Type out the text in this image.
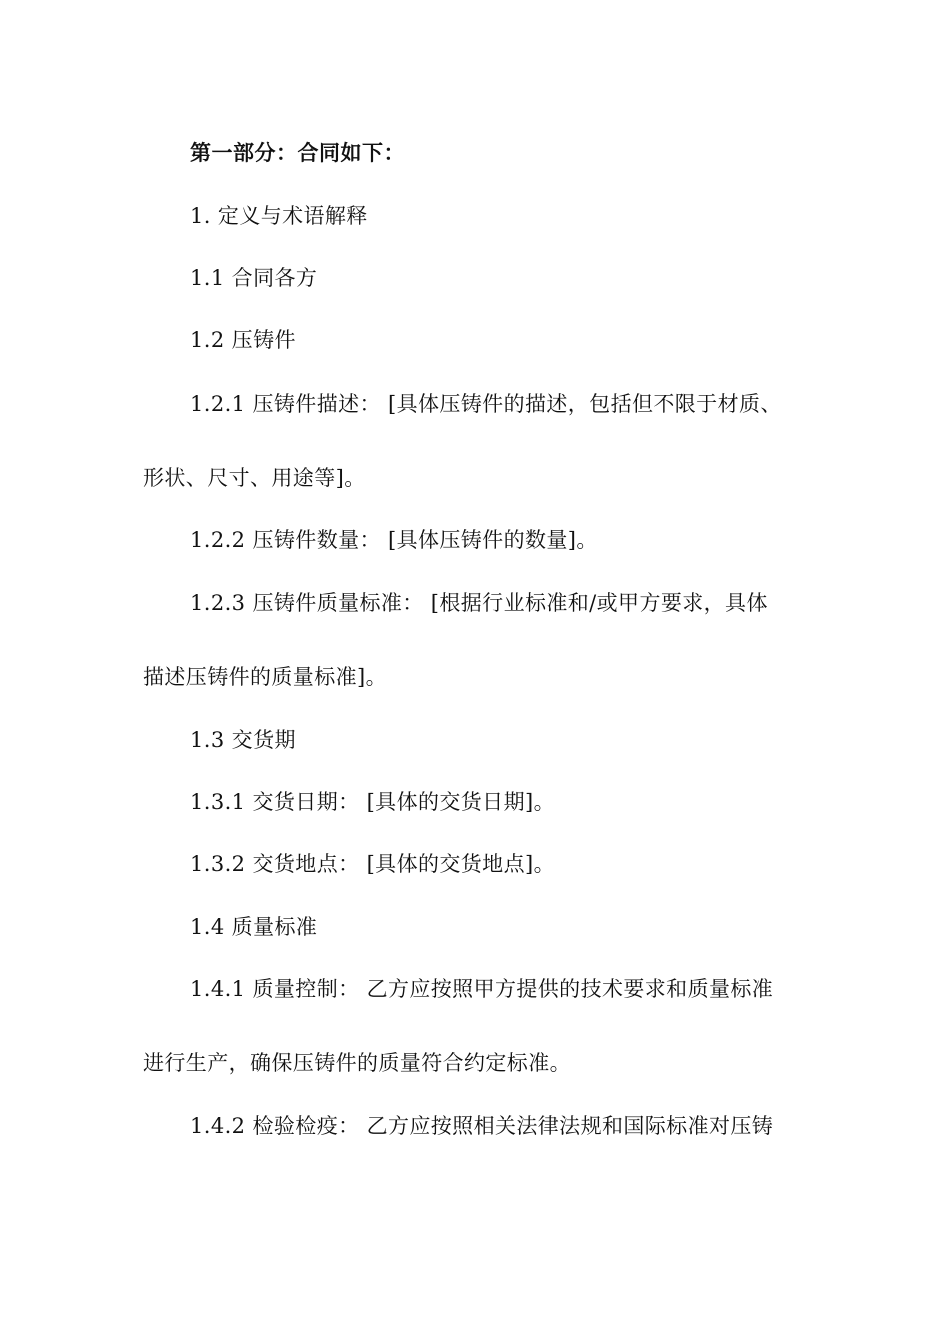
第一部分：合同如下：
1. 定义与术语解释
1.1 合同各方
1.2 压铸件
1.2.1 压铸件描述： [具体压铸件的描述，包括但不限于材质、
形状、尺寸、用途等]。
1.2.2 压铸件数量： [具体压铸件的数量]。
1.2.3 压铸件质量标准： [根据行业标准和/或甲方要求，具体
描述压铸件的质量标准]。
1.3 交货期
1.3.1 交货日期： [具体的交货日期]。
1.3.2 交货地点： [具体的交货地点]。
1.4 质量标准
1.4.1 质量控制： 乙方应按照甲方提供的技术要求和质量标准
进行生产，确保压铸件的质量符合约定标准。
1.4.2 检验检疫： 乙方应按照相关法律法规和国际标准对压铸
